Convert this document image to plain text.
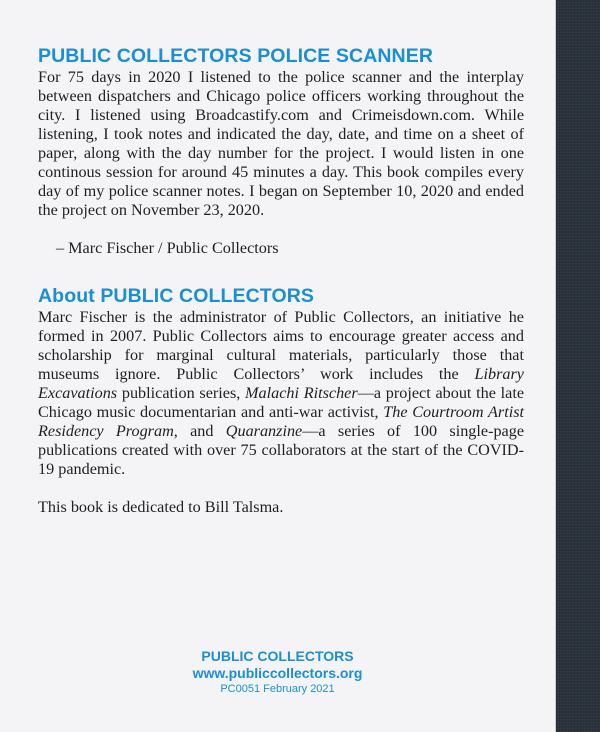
PUBLIC COLLECTORS POLICE SCANNER

For 75 days in 2020 I listened to the police scanner and the interplay between dispatchers and Chicago police officers working throughout the city. I listened using Broadcastify.com and Crimeisdown.com. While listening, I took notes and indicated the day, date, and time on a sheet of paper, along with the day number for the project. I would listen in one continous session for around 45 minutes a day. This book compiles every day of my police scanner notes. I began on September 10, 2020 and ended the project on November 23, 2020.

– Marc Fischer / Public Collectors

About PUBLIC COLLECTORS

Marc Fischer is the administrator of Public Collectors, an initiative he formed in 2007. Public Collectors aims to encourage greater access and scholarship for marginal cultural materials, particularly those that museums ignore. Public Collectors’ work includes the Library Excavations publication series, Malachi Ritscher—a project about the late Chicago music documentarian and anti-war activist, The Courtroom Artist Residency Program, and Quaranzine—a series of 100 single-page publications created with over 75 collaborators at the start of the COVID-19 pandemic.

This book is dedicated to Bill Talsma.

PUBLIC COLLECTORS
www.publiccollectors.org
PC0051 February 2021
